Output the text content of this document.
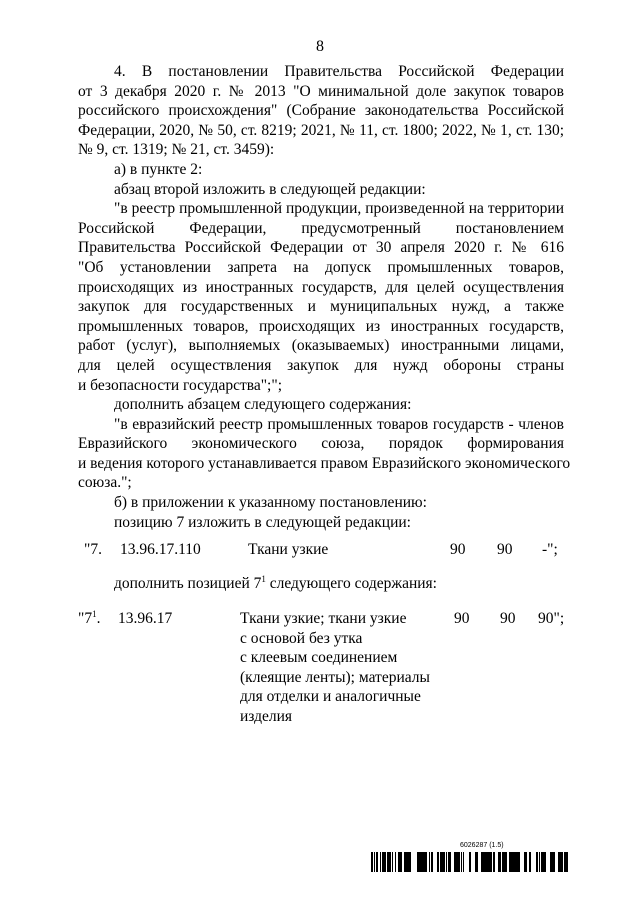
8
4. В постановлении Правительства Российской Федерации
от 3 декабря 2020 г. № 2013 "О минимальной доле закупок товаров
российского происхождения" (Собрание законодательства Российской
Федерации, 2020, № 50, ст. 8219; 2021, № 11, ст. 1800; 2022, № 1, ст. 130;
№ 9, ст. 1319; № 21, ст. 3459):
а) в пункте 2:
абзац второй изложить в следующей редакции:
"в реестр промышленной продукции, произведенной на территории
Российской Федерации, предусмотренный постановлением
Правительства Российской Федерации от 30 апреля 2020 г. № 616
"Об установлении запрета на допуск промышленных товаров,
происходящих из иностранных государств, для целей осуществления
закупок для государственных и муниципальных нужд, а также
промышленных товаров, происходящих из иностранных государств,
работ (услуг), выполняемых (оказываемых) иностранными лицами,
для целей осуществления закупок для нужд обороны страны
и безопасности государства";";
дополнить абзацем следующего содержания:
"в евразийский реестр промышленных товаров государств - членов
Евразийского экономического союза, порядок формирования
и ведения которого устанавливается правом Евразийского экономического
союза.";
б) в приложении к указанному постановлению:
позицию 7 изложить в следующей редакции:
"7. 13.96.17.110	Ткани узкие	90 90 -";
дополнить позицией $7^1$ следующего содержания:
"$7^1$. 13.96.17	Ткани узкие; ткани узкие
с основой без утка
с клеевым соединением
(клеящие ленты); материалы
для отделки и аналогичные
изделия
90 90 90";
6026287 (1.5)
